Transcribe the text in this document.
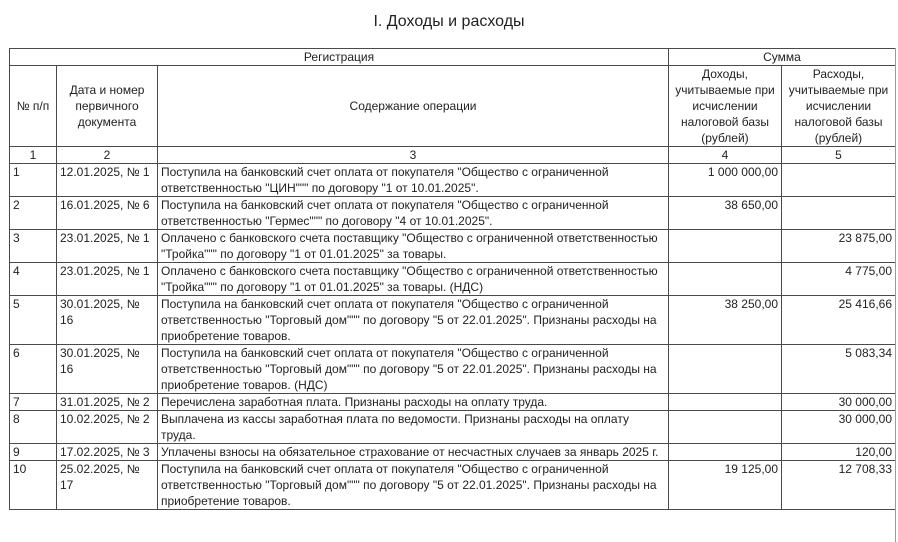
I. Доходы и расходы
Регистрация			Сумма	
№ п/п	Дата и номер первичного документа	Содержание операции	Доходы, учитываемые при исчислении налоговой базы (рублей)	Расходы, учитываемые при исчислении налоговой базы (рублей)
1	2	3	4	5
1	12.01.2025, № 1	Поступила на банковский счет оплата от покупателя "Общество с ограниченной ответственностью "ЦИН""" по договору "1 от 10.01.2025".	1 000 000,00	
2	16.01.2025, № 6	Поступила на банковский счет оплата от покупателя "Общество с ограниченной ответственностью "Гермес""" по договору "4 от 10.01.2025".	38 650,00	
3	23.01.2025, № 1	Оплачено с банковского счета поставщику "Общество с ограниченной ответственностью "Тройка""" по договору "1 от 01.01.2025" за товары.		23 875,00
4	23.01.2025, № 1	Оплачено с банковского счета поставщику "Общество с ограниченной ответственностью "Тройка""" по договору "1 от 01.01.2025" за товары. (НДС)		4 775,00
5	30.01.2025, № 16	Поступила на банковский счет оплата от покупателя "Общество с ограниченной ответственностью "Торговый дом""" по договору "5 от 22.01.2025". Признаны расходы на приобретение товаров.	38 250,00	25 416,66
6	30.01.2025, № 16	Поступила на банковский счет оплата от покупателя "Общество с ограниченной ответственностью "Торговый дом""" по договору "5 от 22.01.2025". Признаны расходы на приобретение товаров. (НДС)		5 083,34
7	31.01.2025, № 2	Перечислена заработная плата. Признаны расходы на оплату труда.		30 000,00
8	10.02.2025, № 2	Выплачена из кассы заработная плата по ведомости. Признаны расходы на оплату труда.		30 000,00
9	17.02.2025, № 3	Уплачены взносы на обязательное страхование от несчастных случаев за январь 2025 г.		120,00
10	25.02.2025, № 17	Поступила на банковский счет оплата от покупателя "Общество с ограниченной ответственностью "Торговый дом""" по договору "5 от 22.01.2025". Признаны расходы на приобретение товаров.	19 125,00	12 708,33
